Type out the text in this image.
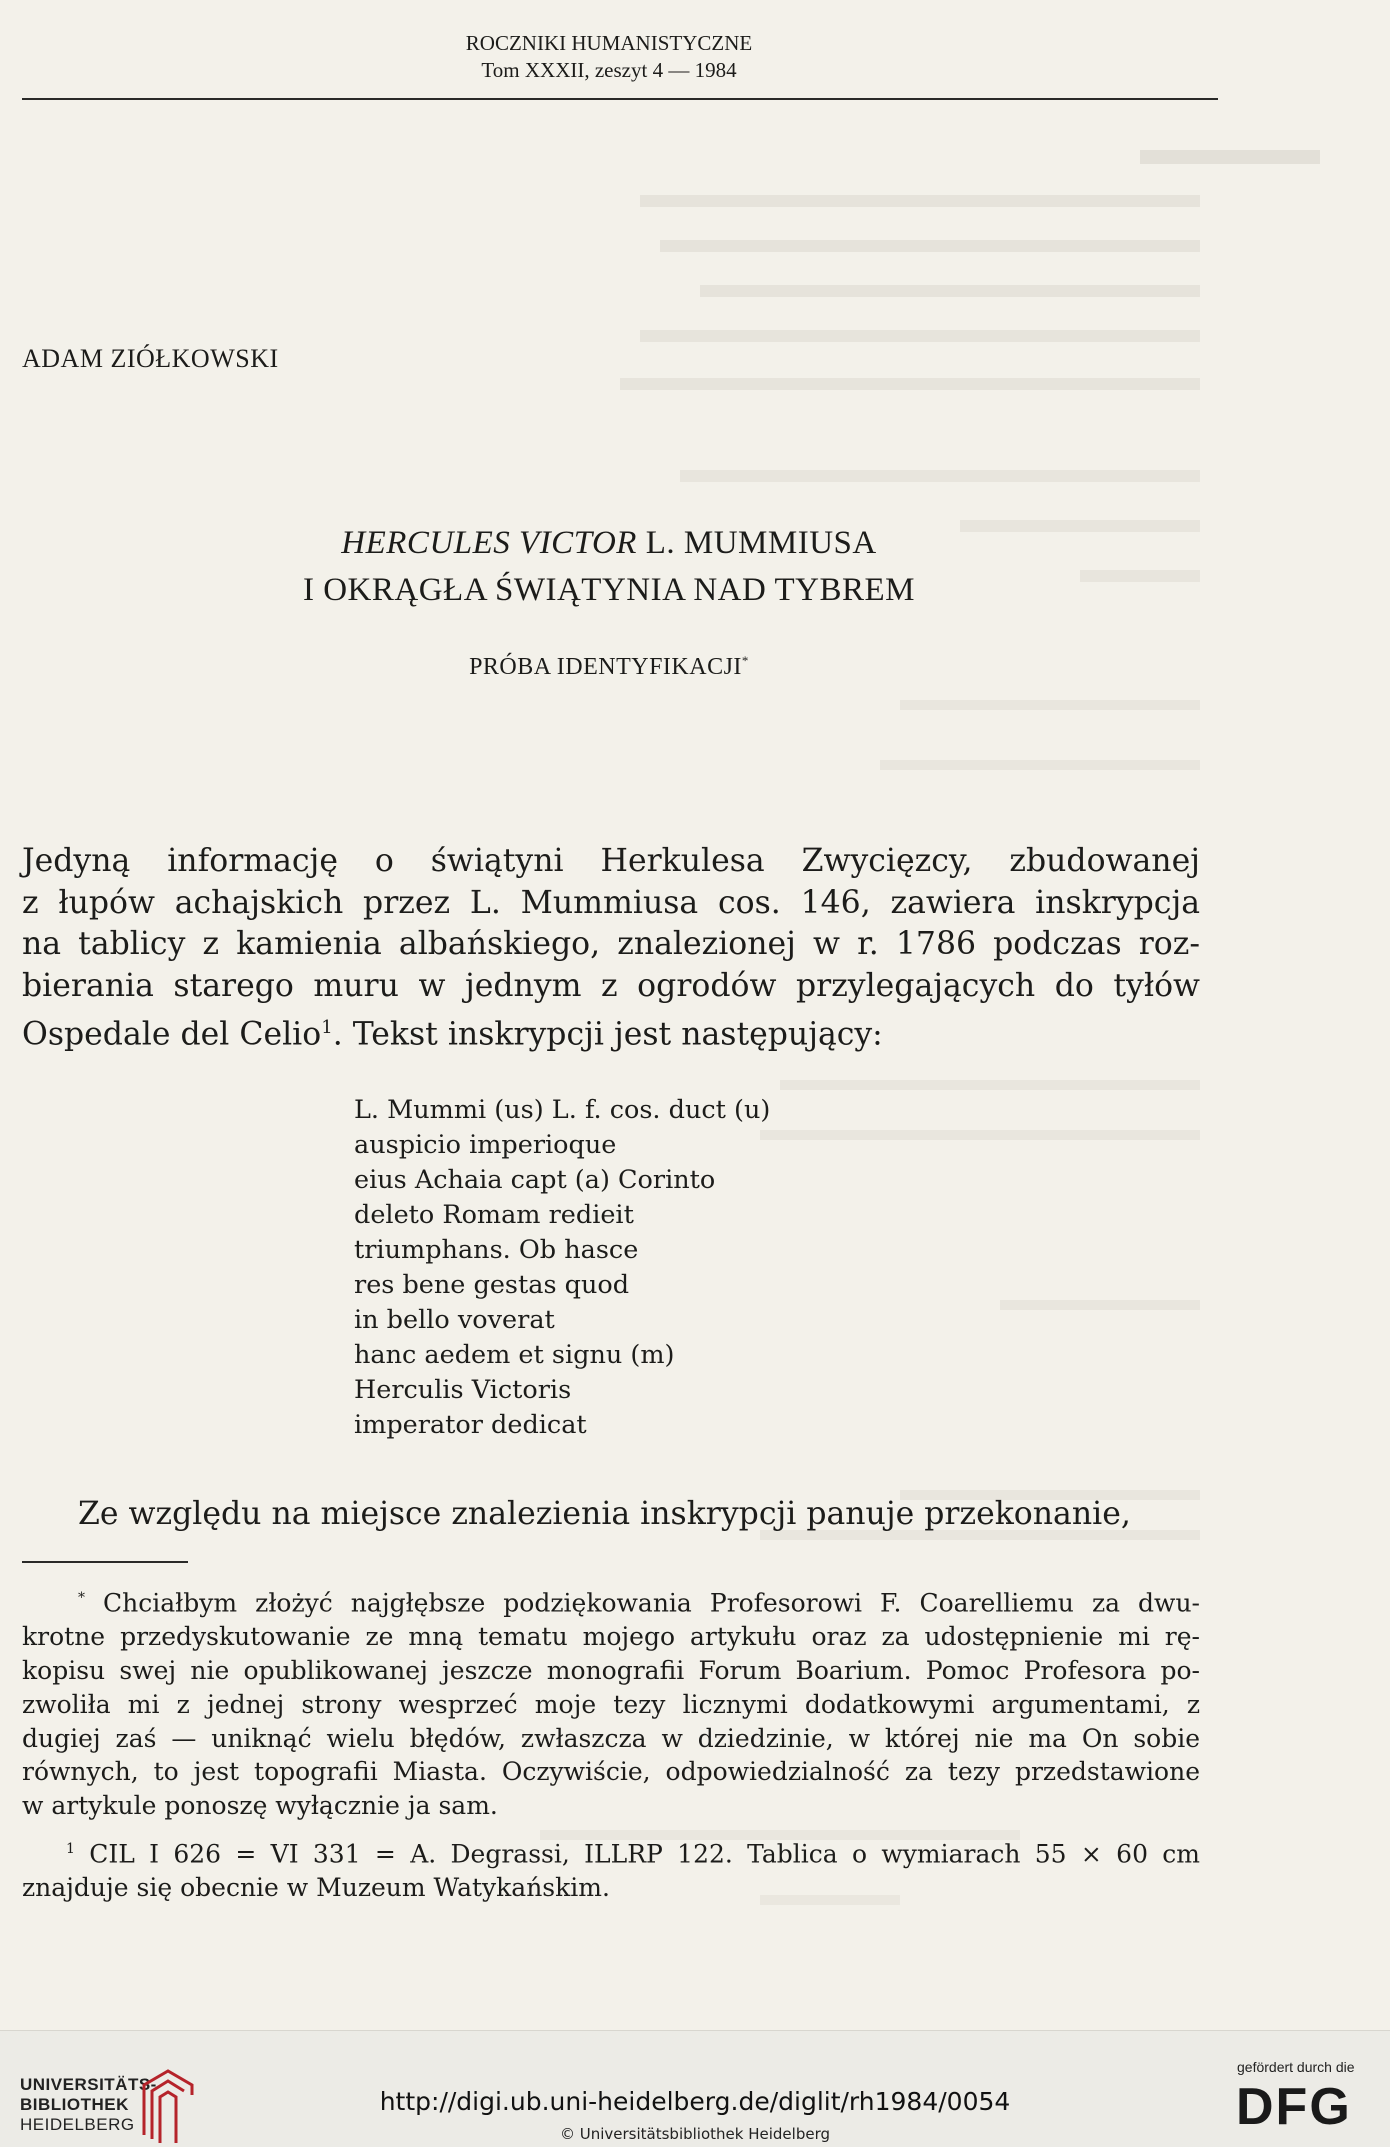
ROCZNIKI HUMANISTYCZNE
Tom XXXII, zeszyt 4 — 1984
ADAM ZIÓŁKOWSKI
HERCULES VICTOR L. MUMMIUSA
I OKRĄGŁA ŚWIĄTYNIA NAD TYBREM
PRÓBA IDENTYFIKACJI*
Jedyną informację o świątyni Herkulesa Zwycięzcy, zbudowanej
z łupów achajskich przez L. Mummiusa cos. 146, zawiera inskrypcja
na tablicy z kamienia albańskiego, znalezionej w r. 1786 podczas roz-
bierania starego muru w jednym z ogrodów przylegających do tyłów
Ospedale del Celio$^1$. Tekst inskrypcji jest następujący:
L. Mummi (us) L. f. cos. duct (u)
auspicio imperioque
eius Achaia capt (a) Corinto
deleto Romam redieit
triumphans. Ob hasce
res bene gestas quod
in bello voverat
hanc aedem et signu (m)
Herculis Victoris
imperator dedicat
Ze względu na miejsce znalezienia inskrypcji panuje przekonanie,
* Chciałbym złożyć najgłębsze podziękowania Profesorowi F. Coarelliemu za dwu-
krotne przedyskutowanie ze mną tematu mojego artykułu oraz za udostępnienie mi rę-
kopisu swej nie opublikowanej jeszcze monografii Forum Boarium. Pomoc Profesora po-
zwoliła mi z jednej strony wesprzeć moje tezy licznymi dodatkowymi argumentami, z
dugiej zaś — uniknąć wielu błędów, zwłaszcza w dziedzinie, w której nie ma On sobie
równych, to jest topografii Miasta. Oczywiście, odpowiedzialność za tezy przedstawione
w artykule ponoszę wyłącznie ja sam.
$^1$ CIL I 626 = VI 331 = A. Degrassi, ILLRP 122. Tablica o wymiarach 55 × 60 cm
znajduje się obecnie w Muzeum Watykańskim.
UNIVERSITÄTS-
BIBLIOTHEK
HEIDELBERG
http://digi.ub.uni-heidelberg.de/diglit/rh1984/0054
© Universitätsbibliothek Heidelberg
gefördert durch die
DFG
